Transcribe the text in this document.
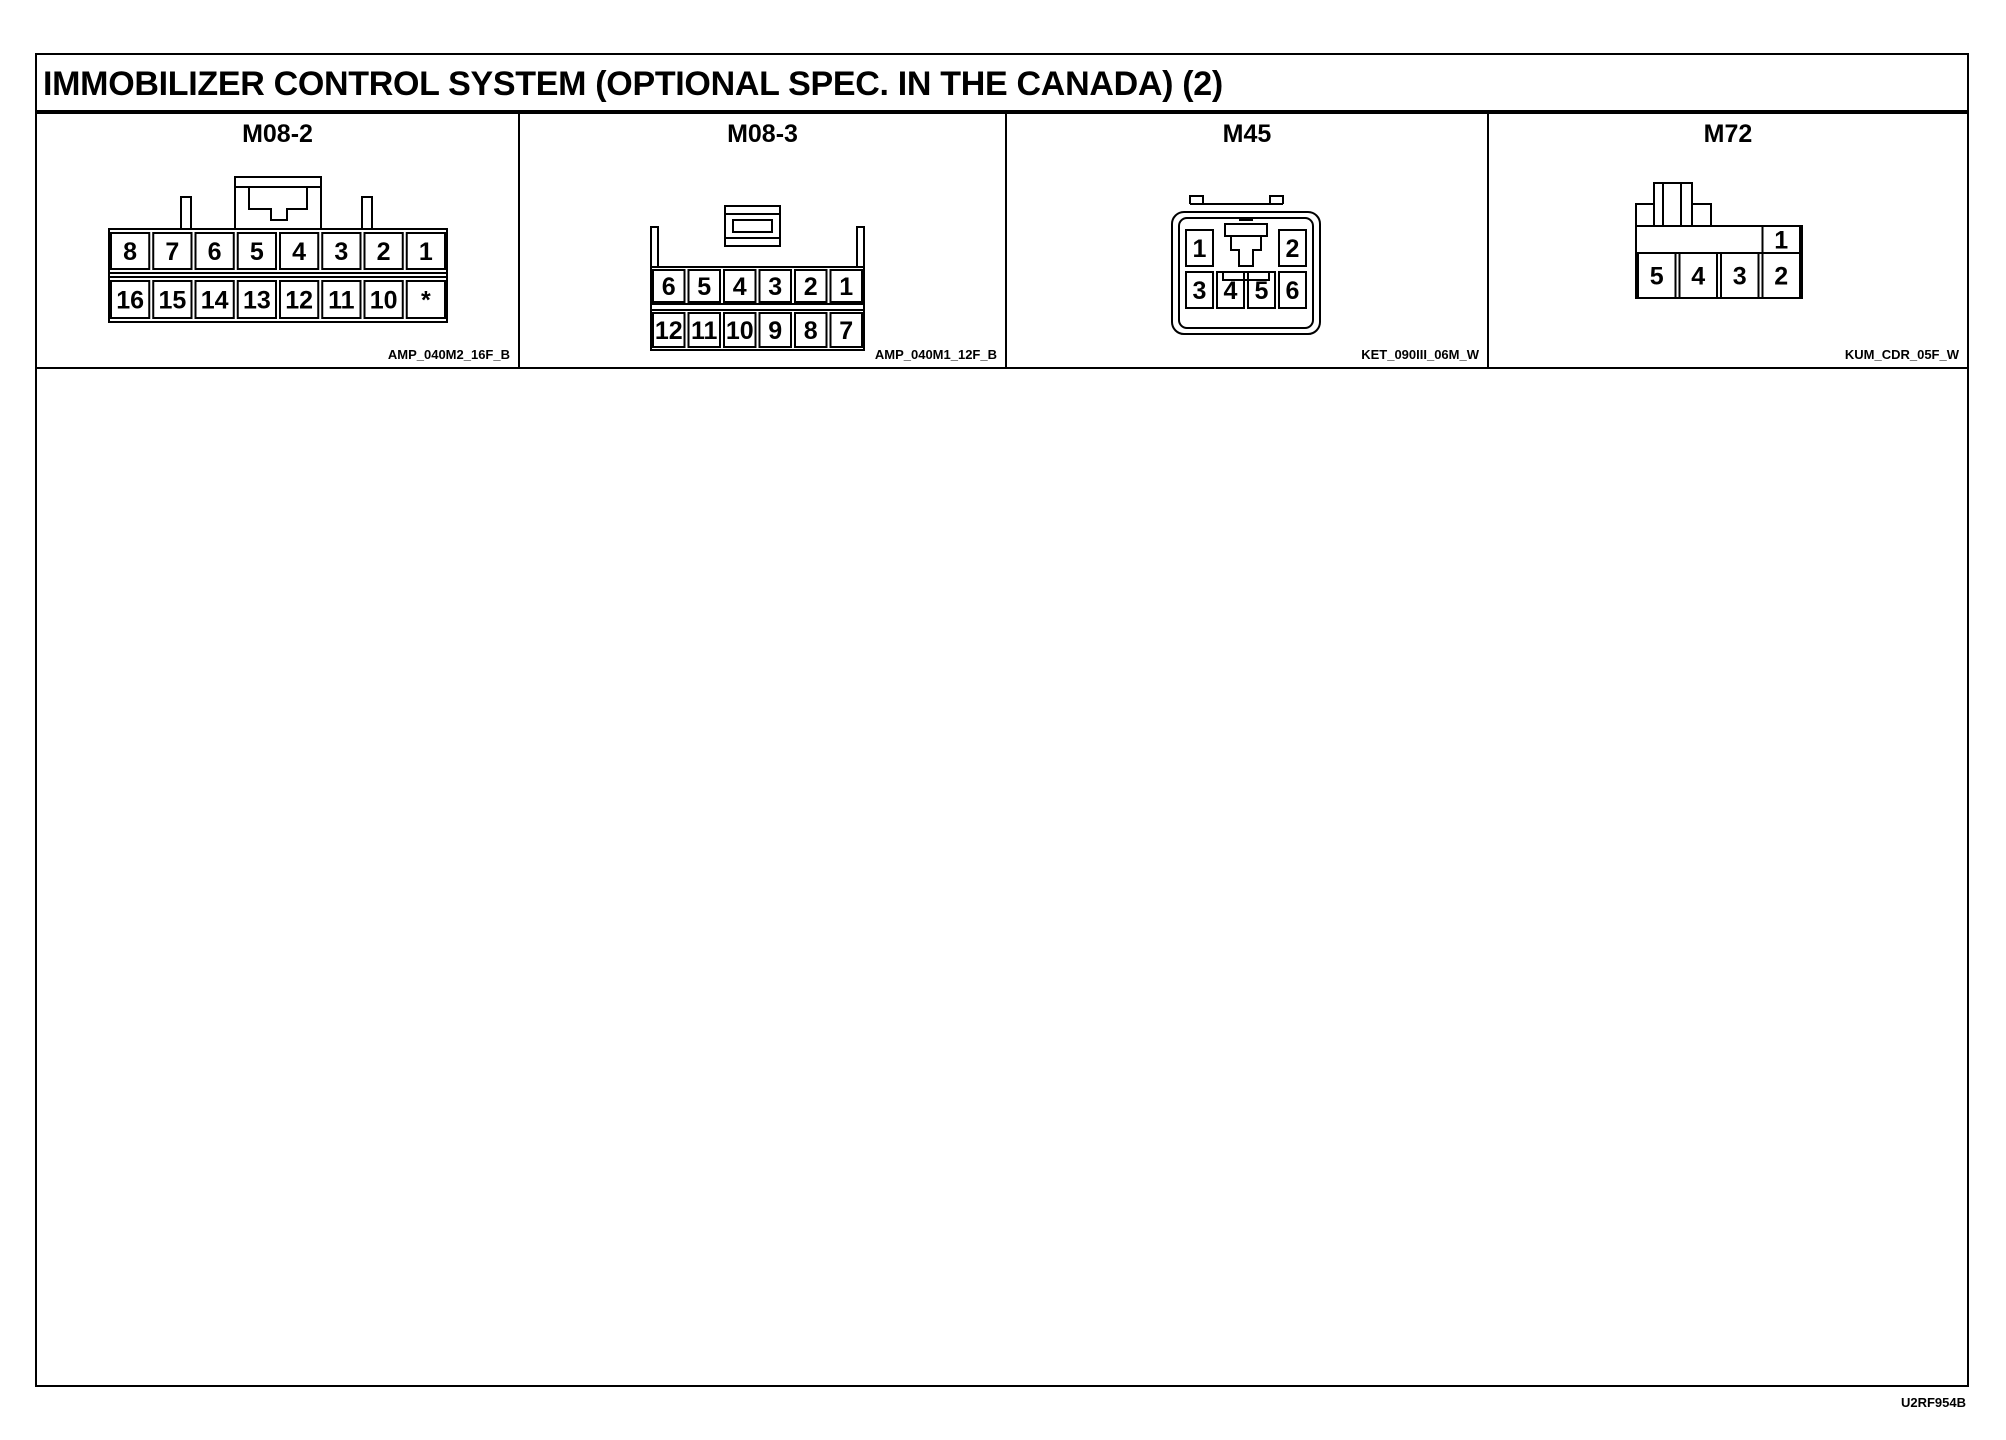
IMMOBILIZER CONTROL SYSTEM (OPTIONAL SPEC. IN THE CANADA) (2)
M08-2
8 7 6 5 4 3 2 1
16 15 14 13 12 11 10 *
AMP_040M2_16F_B
M08-3
6 5 4 3 2 1
12 11 10 9 8 7
AMP_040M1_12F_B
M45
1	2
3 4 5 6
KET_090III_06M_W
M72
1
5 4 3 2
KUM_CDR_05F_W
U2RF954B
